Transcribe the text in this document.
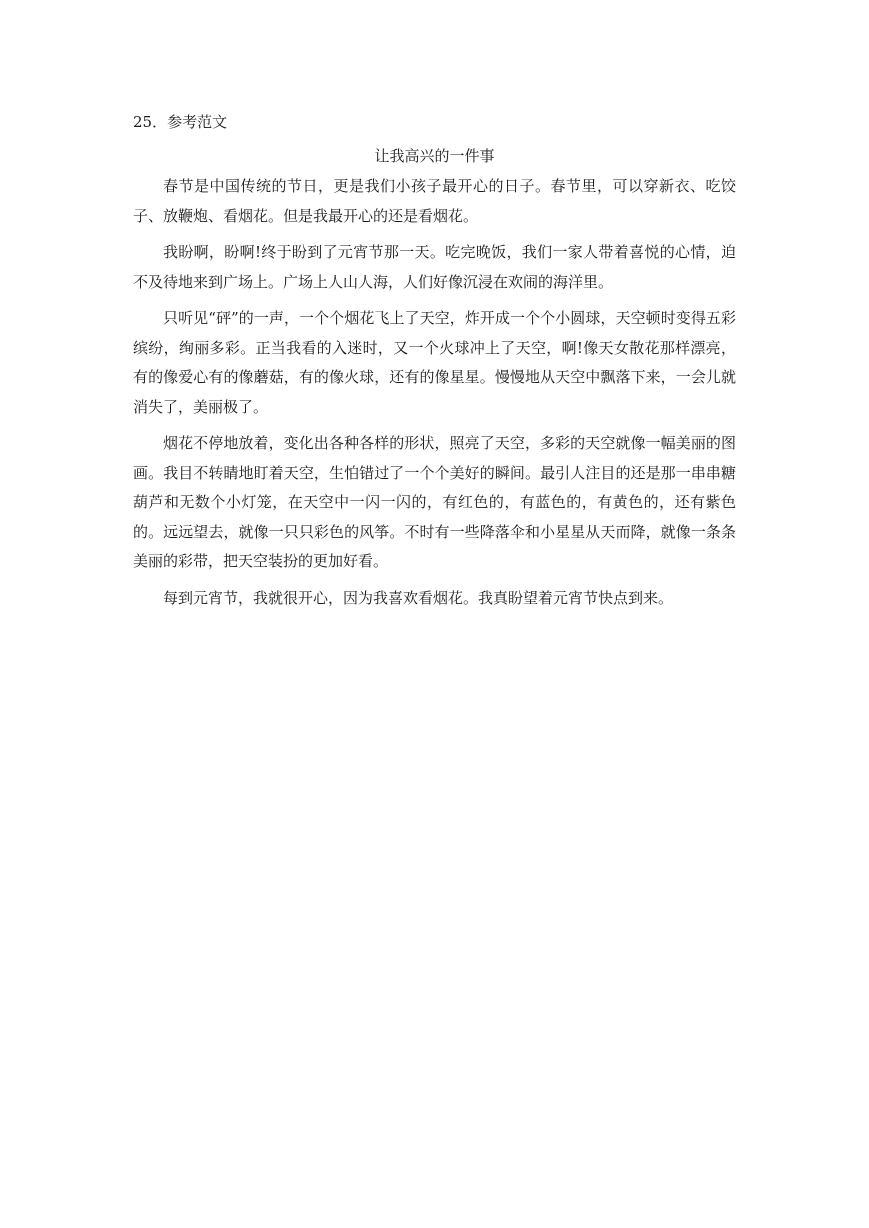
25．参考范文
让我高兴的一件事

春节是中国传统的节日，更是我们小孩子最开心的日子。春节里，可以穿新衣、吃饺子、放鞭炮、看烟花。但是我最开心的还是看烟花。

我盼啊，盼啊!终于盼到了元宵节那一天。吃完晚饭，我们一家人带着喜悦的心情，迫不及待地来到广场上。广场上人山人海，人们好像沉浸在欢闹的海洋里。

只听见“砰”的一声，一个个烟花飞上了天空，炸开成一个个小圆球，天空顿时变得五彩缤纷，绚丽多彩。正当我看的入迷时，又一个火球冲上了天空，啊!像天女散花那样漂亮，有的像爱心有的像蘑菇，有的像火球，还有的像星星。慢慢地从天空中飘落下来，一会儿就消失了，美丽极了。

烟花不停地放着，变化出各种各样的形状，照亮了天空，多彩的天空就像一幅美丽的图画。我目不转睛地盯着天空，生怕错过了一个个美好的瞬间。最引人注目的还是那一串串糖葫芦和无数个小灯笼，在天空中一闪一闪的，有红色的，有蓝色的，有黄色的，还有紫色的。远远望去，就像一只只彩色的风筝。不时有一些降落伞和小星星从天而降，就像一条条美丽的彩带，把天空装扮的更加好看。

每到元宵节，我就很开心，因为我喜欢看烟花。我真盼望着元宵节快点到来。
